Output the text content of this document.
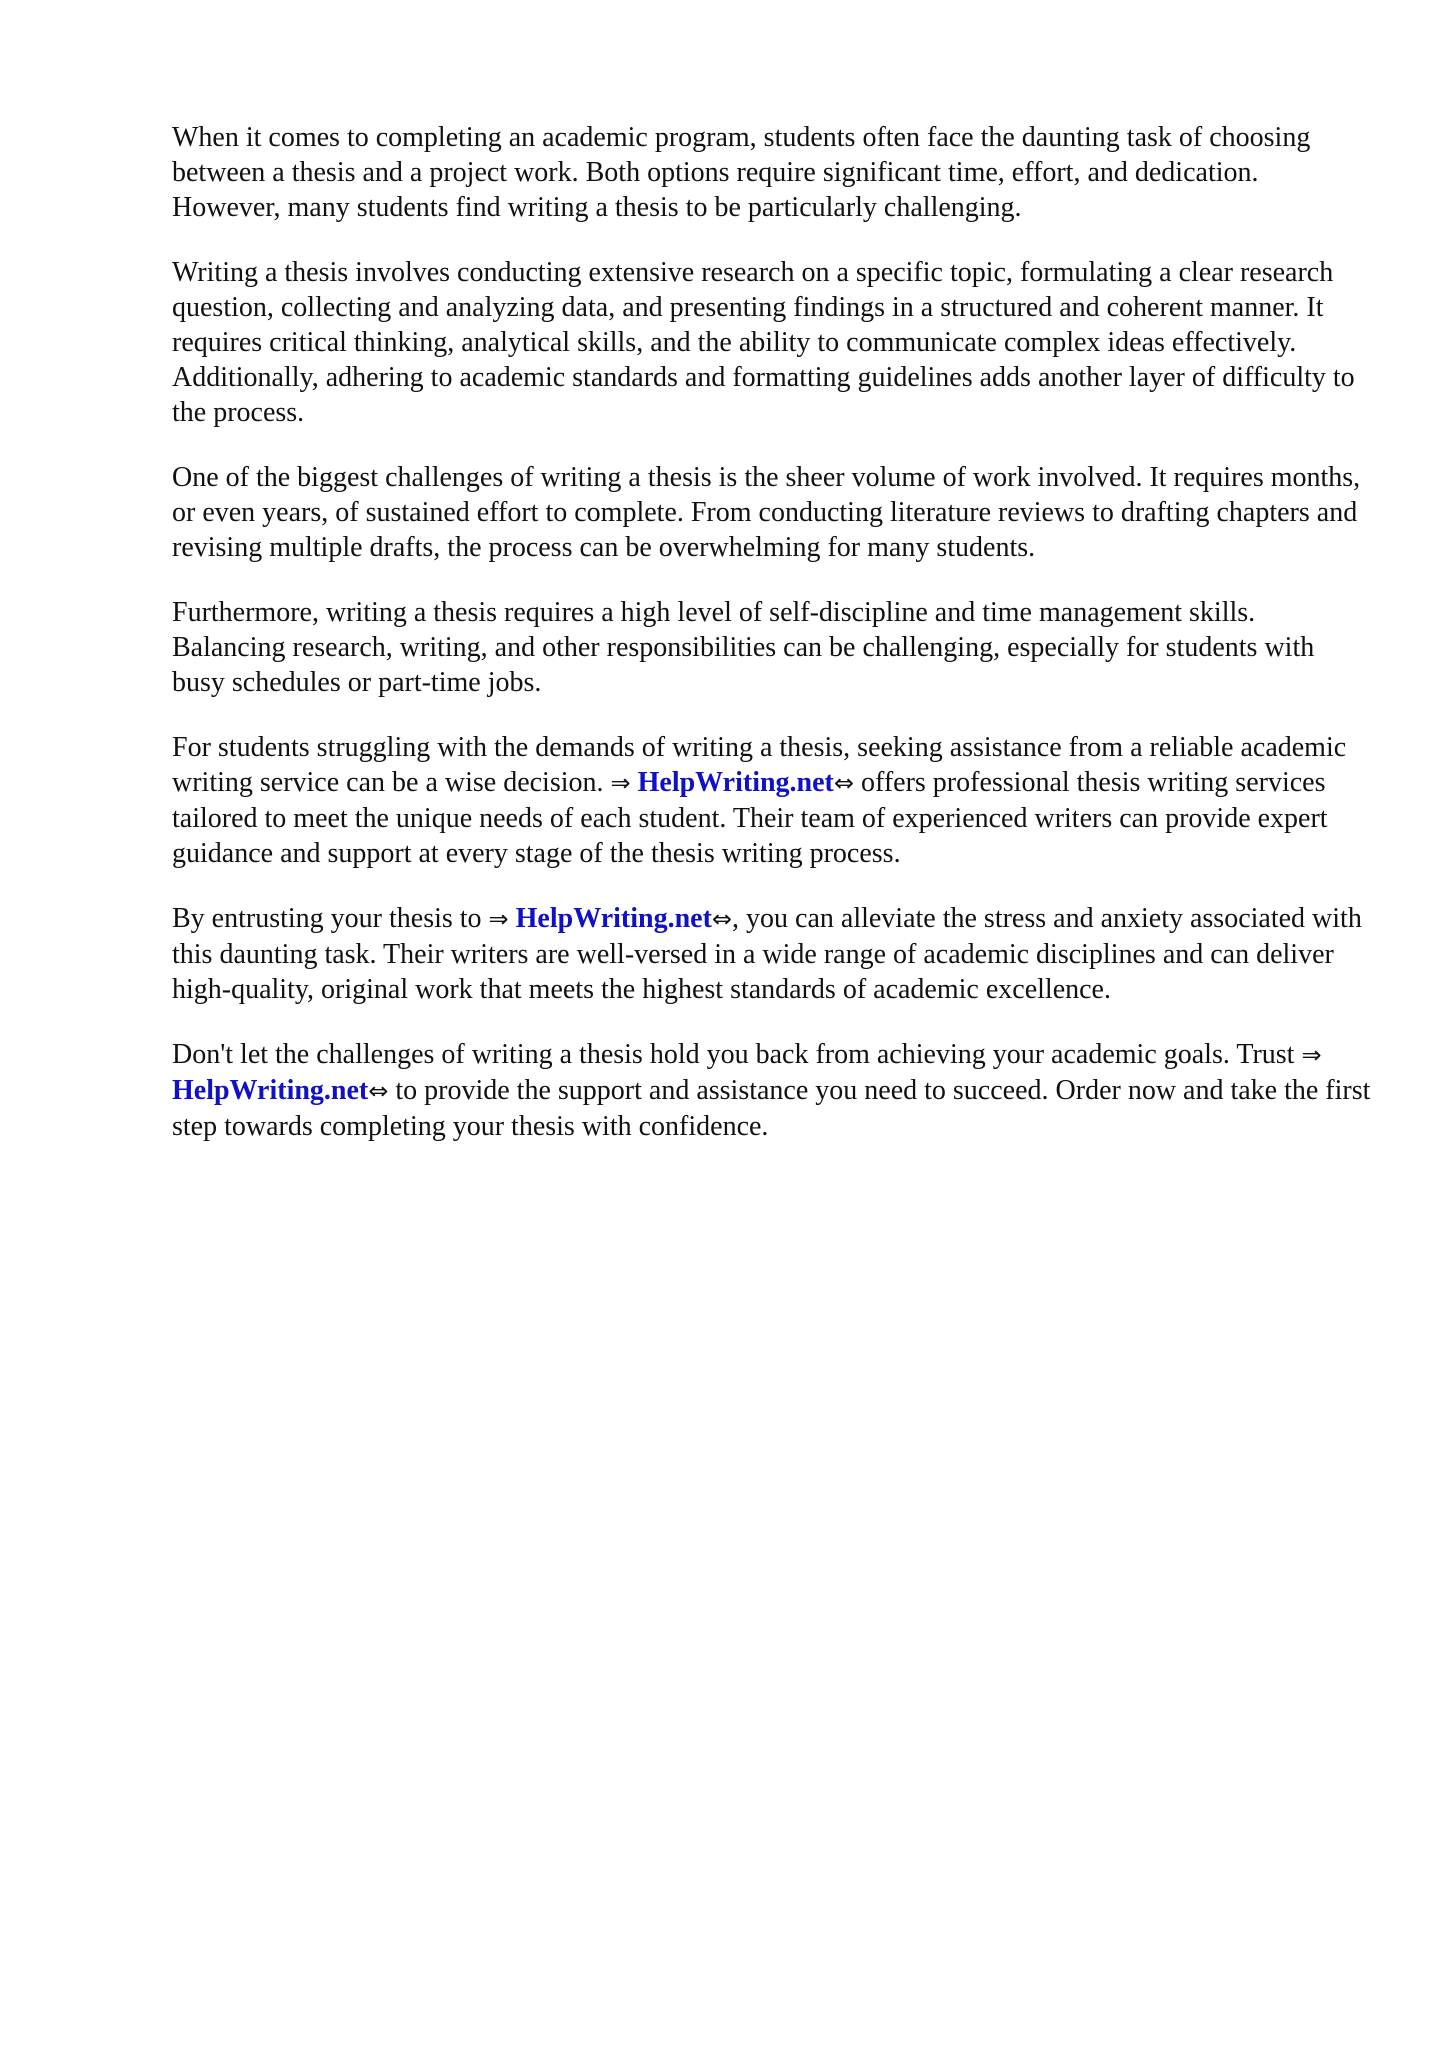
When it comes to completing an academic program, students often face the daunting task of choosing between a thesis and a project work. Both options require significant time, effort, and dedication. However, many students find writing a thesis to be particularly challenging.

Writing a thesis involves conducting extensive research on a specific topic, formulating a clear research question, collecting and analyzing data, and presenting findings in a structured and coherent manner. It requires critical thinking, analytical skills, and the ability to communicate complex ideas effectively. Additionally, adhering to academic standards and formatting guidelines adds another layer of difficulty to the process.

One of the biggest challenges of writing a thesis is the sheer volume of work involved. It requires months, or even years, of sustained effort to complete. From conducting literature reviews to drafting chapters and revising multiple drafts, the process can be overwhelming for many students.

Furthermore, writing a thesis requires a high level of self-discipline and time management skills. Balancing research, writing, and other responsibilities can be challenging, especially for students with busy schedules or part-time jobs.

For students struggling with the demands of writing a thesis, seeking assistance from a reliable academic writing service can be a wise decision. ⇒ HelpWriting.net⇔ offers professional thesis writing services tailored to meet the unique needs of each student. Their team of experienced writers can provide expert guidance and support at every stage of the thesis writing process.

By entrusting your thesis to ⇒ HelpWriting.net⇔, you can alleviate the stress and anxiety associated with this daunting task. Their writers are well-versed in a wide range of academic disciplines and can deliver high-quality, original work that meets the highest standards of academic excellence.

Don't let the challenges of writing a thesis hold you back from achieving your academic goals. Trust ⇒ HelpWriting.net⇔ to provide the support and assistance you need to succeed. Order now and take the first step towards completing your thesis with confidence.
